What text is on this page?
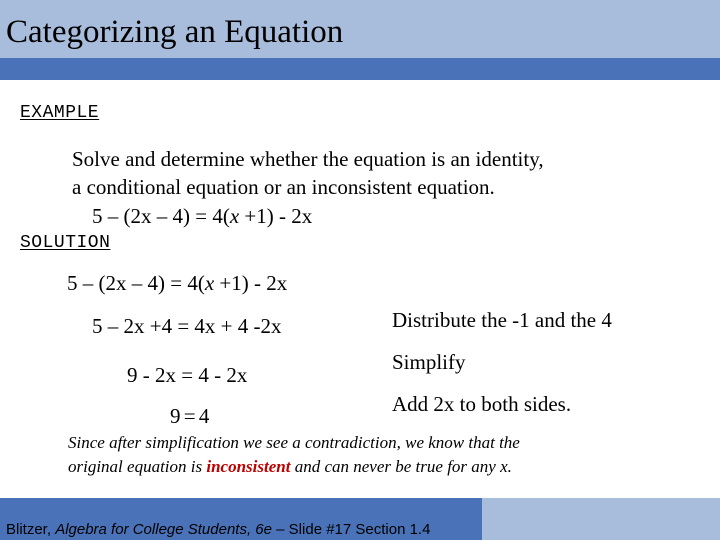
Categorizing an Equation
EXAMPLE
Solve and determine whether the equation is an identity,
a conditional equation or an inconsistent equation.
5 – (2x – 4) = 4(x +1) - 2x
SOLUTION
5 – (2x – 4) = 4(x +1) - 2x
5 – 2x +4 = 4x + 4 -2x	Distribute the -1 and the 4
9 - 2x = 4 - 2x
Simplify
9 = 4	Add 2x to both sides.
Since after simplification we see a contradiction, we know that the
original equation is inconsistent and can never be true for any x.
Blitzer, Algebra for College Students, 6e – Slide #17 Section 1.4
